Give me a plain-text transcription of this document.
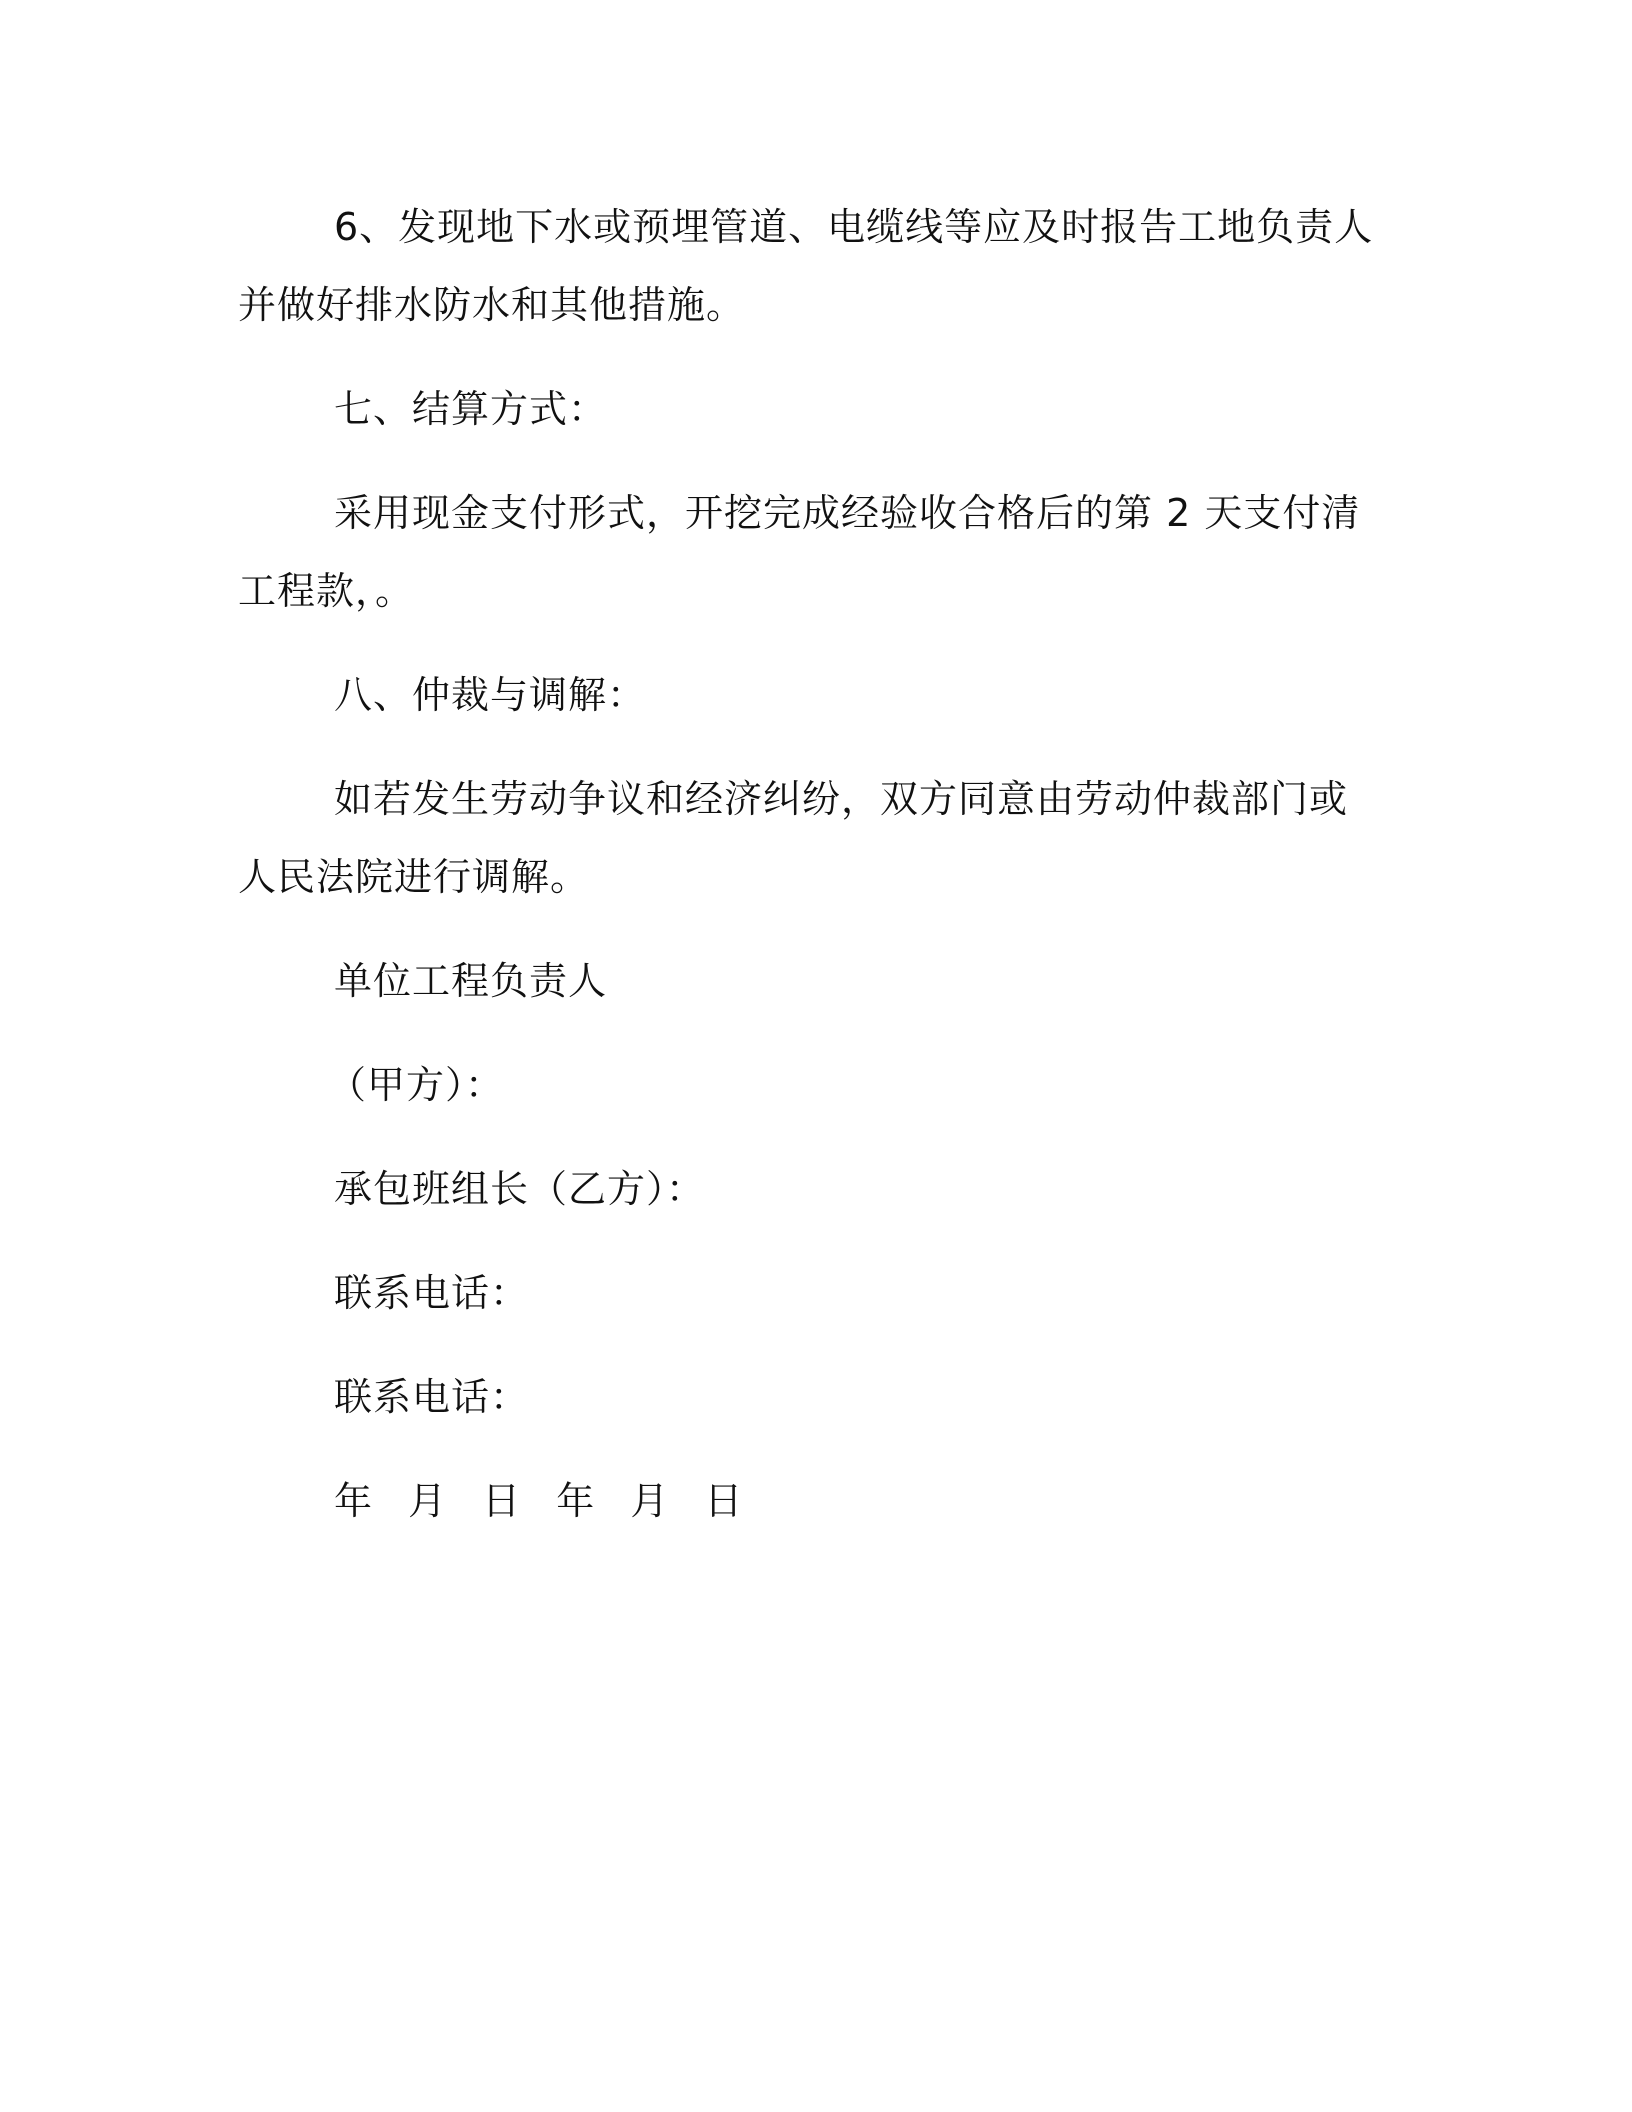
6、发现地下水或预埋管道、电缆线等应及时报告工地负责人并做好排水防水和其他措施。

七、结算方式：

采用现金支付形式，开挖完成经验收合格后的第 2 天支付清工程款，。

八、仲裁与调解：

如若发生劳动争议和经济纠纷，双方同意由劳动仲裁部门或人民法院进行调解。

单位工程负责人

（甲方）：

承包班组长（乙方）：

联系电话：

联系电话：

年 月 日 年 月 日
